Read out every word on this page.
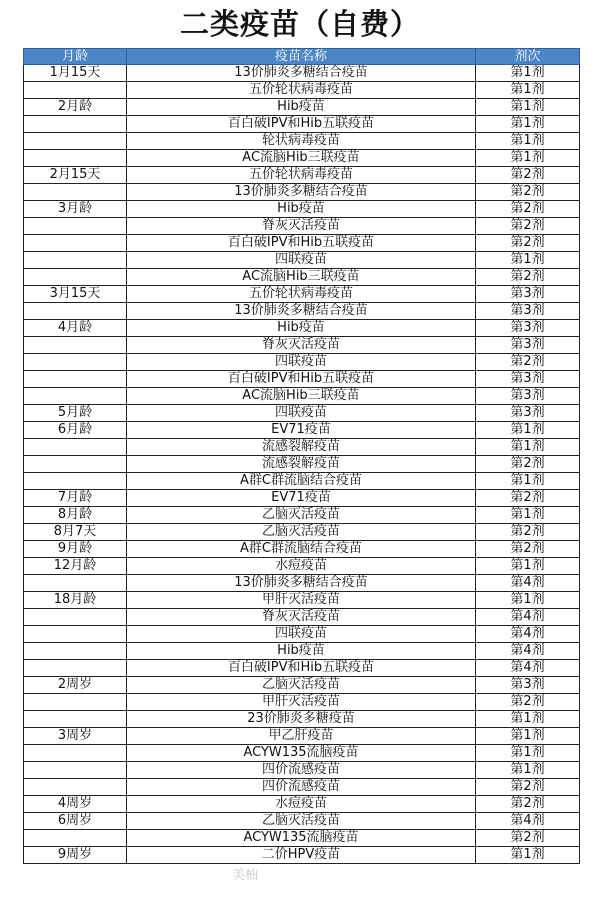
二类疫苗（自费）
月龄	疫苗名称	剂次
1月15天	13价肺炎多糖结合疫苗	第1剂
	五价轮状病毒疫苗	第1剂
2月龄	Hib疫苗	第1剂
	百白破IPV和Hib五联疫苗	第1剂
	轮状病毒疫苗	第1剂
	AC流脑Hib三联疫苗	第1剂
2月15天	五价轮状病毒疫苗	第2剂
	13价肺炎多糖结合疫苗	第2剂
3月龄	Hib疫苗	第2剂
	脊灰灭活疫苗	第2剂
	百白破IPV和Hib五联疫苗	第2剂
	四联疫苗	第1剂
	AC流脑Hib三联疫苗	第2剂
3月15天	五价轮状病毒疫苗	第3剂
	13价肺炎多糖结合疫苗	第3剂
4月龄	Hib疫苗	第3剂
	脊灰灭活疫苗	第3剂
	四联疫苗	第2剂
	百白破IPV和Hib五联疫苗	第3剂
	AC流脑Hib三联疫苗	第3剂
5月龄	四联疫苗	第3剂
6月龄	EV71疫苗	第1剂
	流感裂解疫苗	第1剂
	流感裂解疫苗	第2剂
	A群C群流脑结合疫苗	第1剂
7月龄	EV71疫苗	第2剂
8月龄	乙脑灭活疫苗	第1剂
8月7天	乙脑灭活疫苗	第2剂
9月龄	A群C群流脑结合疫苗	第2剂
12月龄	水痘疫苗	第1剂
	13价肺炎多糖结合疫苗	第4剂
18月龄	甲肝灭活疫苗	第1剂
	脊灰灭活疫苗	第4剂
	四联疫苗	第4剂
	Hib疫苗	第4剂
	百白破IPV和Hib五联疫苗	第4剂
2周岁	乙脑灭活疫苗	第3剂
	甲肝灭活疫苗	第2剂
	23价肺炎多糖疫苗	第1剂
3周岁	甲乙肝疫苗	第1剂
	ACYW135流脑疫苗	第1剂
	四价流感疫苗	第1剂
	四价流感疫苗	第2剂
4周岁	水痘疫苗	第2剂
6周岁	乙脑灭活疫苗	第4剂
	ACYW135流脑疫苗	第2剂
9周岁	二价HPV疫苗	第1剂
美柚
